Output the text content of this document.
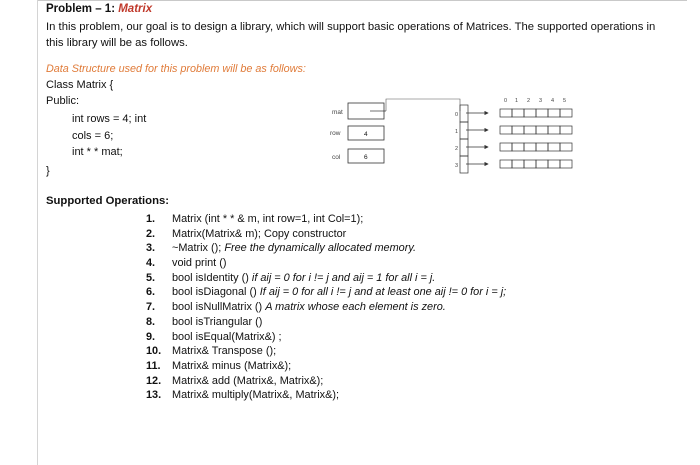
Problem – 1: Matrix
In this problem, our goal is to design a library, which will support basic operations of Matrices. The supported operations in this library will be as follows.
Data Structure used for this problem will be as follows:
Class Matrix {
Public:
int rows = 4; int
cols = 6;
int * * mat;
}
mat
row	4
col	6
0
1
2
3
0 1 2 3 4 5
Supported Operations:
1. Matrix (int * * & m, int row=1, int Col=1);
2. Matrix(Matrix& m); Copy constructor
3. ~Matrix (); Free the dynamically allocated memory.
4. void print ()
5. bool isIdentity () if aij = 0 for i != j and aij = 1 for all i = j.
6. bool isDiagonal () If aij = 0 for all i != j and at least one aij != 0 for i = j;
7. bool isNullMatrix () A matrix whose each element is zero.
8. bool isTriangular ()
9. bool isEqual(Matrix&) ;
10. Matrix& Transpose ();
11. Matrix& minus (Matrix&);
12. Matrix& add (Matrix&, Matrix&);
13. Matrix& multiply(Matrix&, Matrix&);
